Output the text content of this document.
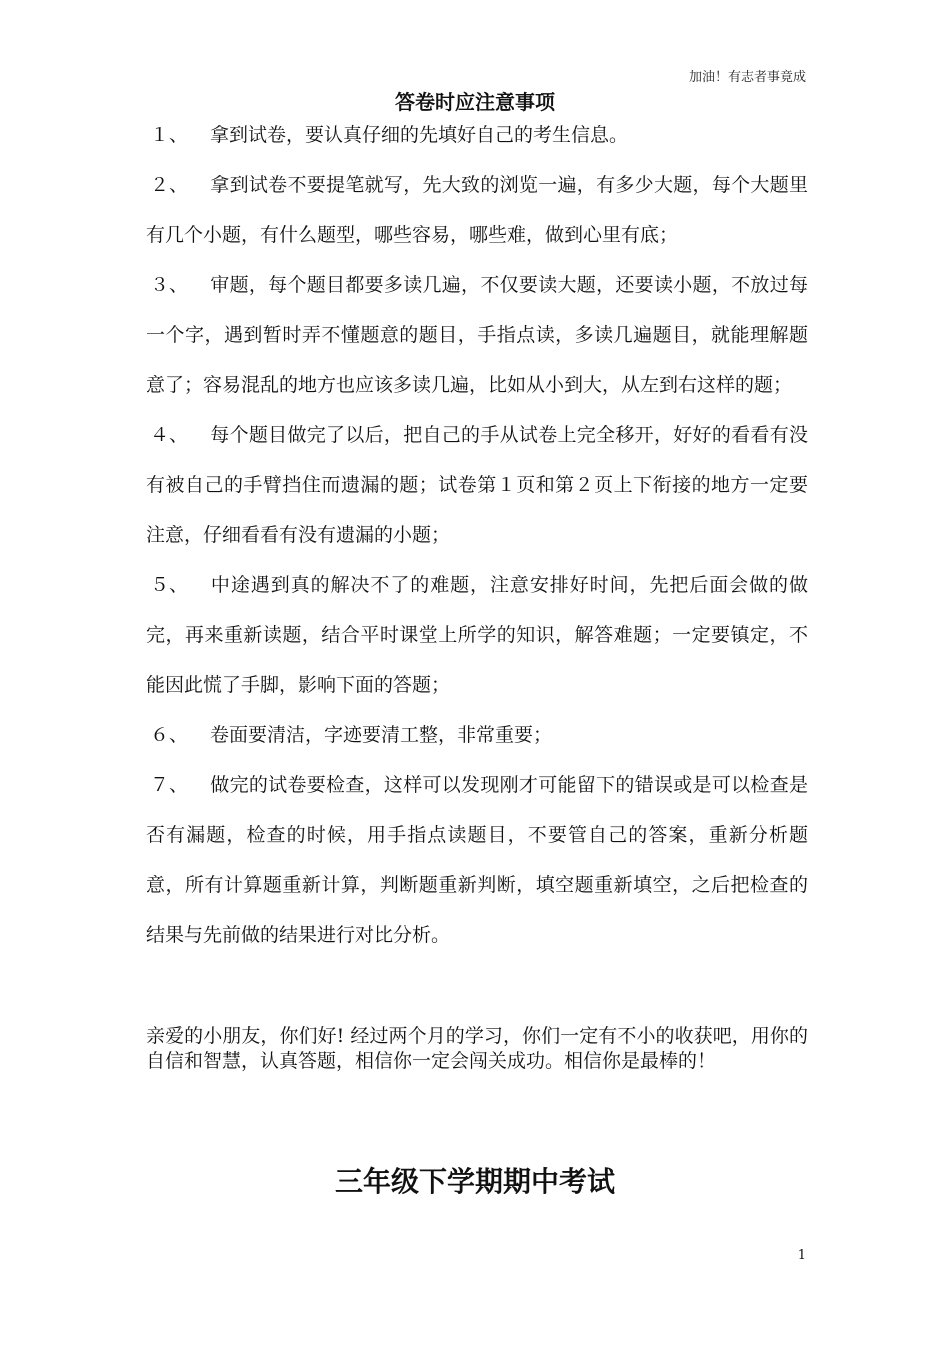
加油！有志者事竟成
答卷时应注意事项

１、 拿到试卷，要认真仔细的先填好自己的考生信息。

２、 拿到试卷不要提笔就写，先大致的浏览一遍，有多少大题，每个大题里有几个小题，有什么题型，哪些容易，哪些难，做到心里有底；

３、 审题，每个题目都要多读几遍，不仅要读大题，还要读小题，不放过每一个字，遇到暂时弄不懂题意的题目，手指点读，多读几遍题目，就能理解题意了；容易混乱的地方也应该多读几遍，比如从小到大，从左到右这样的题；

４、 每个题目做完了以后，把自己的手从试卷上完全移开，好好的看看有没有被自己的手臂挡住而遗漏的题；试卷第１页和第２页上下衔接的地方一定要注意，仔细看看有没有遗漏的小题；

５、 中途遇到真的解决不了的难题，注意安排好时间，先把后面会做的做完，再来重新读题，结合平时课堂上所学的知识，解答难题；一定要镇定，不能因此慌了手脚，影响下面的答题；

６、 卷面要清洁，字迹要清工整，非常重要；

７、 做完的试卷要检查，这样可以发现刚才可能留下的错误或是可以检查是否有漏题，检查的时候，用手指点读题目，不要管自己的答案，重新分析题意，所有计算题重新计算，判断题重新判断，填空题重新填空，之后把检查的结果与先前做的结果进行对比分析。

亲爱的小朋友，你们好! 经过两个月的学习，你们一定有不小的收获吧，用你的自信和智慧，认真答题，相信你一定会闯关成功。相信你是最棒的！
三年级下学期期中考试
1
